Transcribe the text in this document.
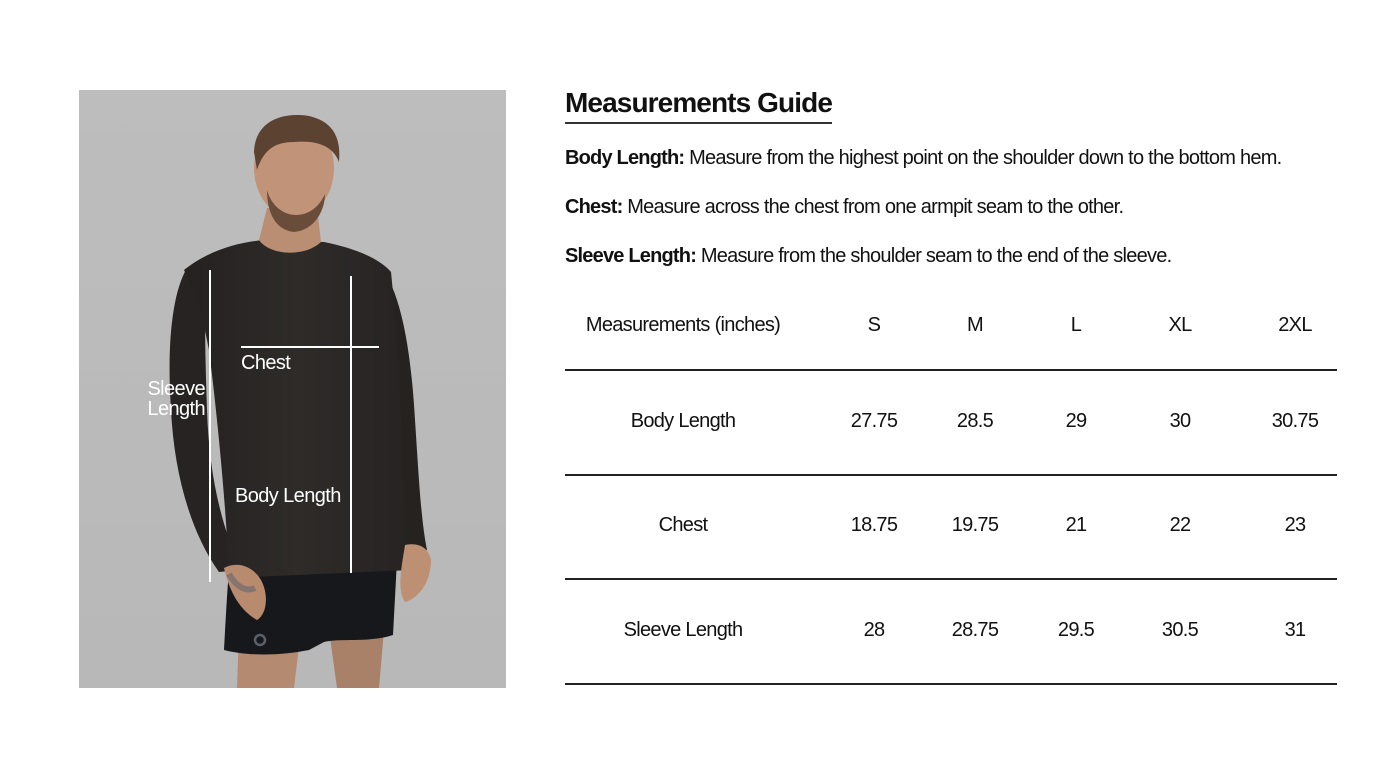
Chest
Sleeve
Length
Body Length
Measurements Guide

Body Length: Measure from the highest point on the shoulder down to the bottom hem.

Chest: Measure across the chest from one armpit seam to the other.

Sleeve Length: Measure from the shoulder seam to the end of the sleeve.

Measurements (inches)	S	M	L	XL	2XL
Body Length	27.75	28.5	29	30	30.75
Chest	18.75	19.75	21	22	23
Sleeve Length	28	28.75	29.5	30.5	31
